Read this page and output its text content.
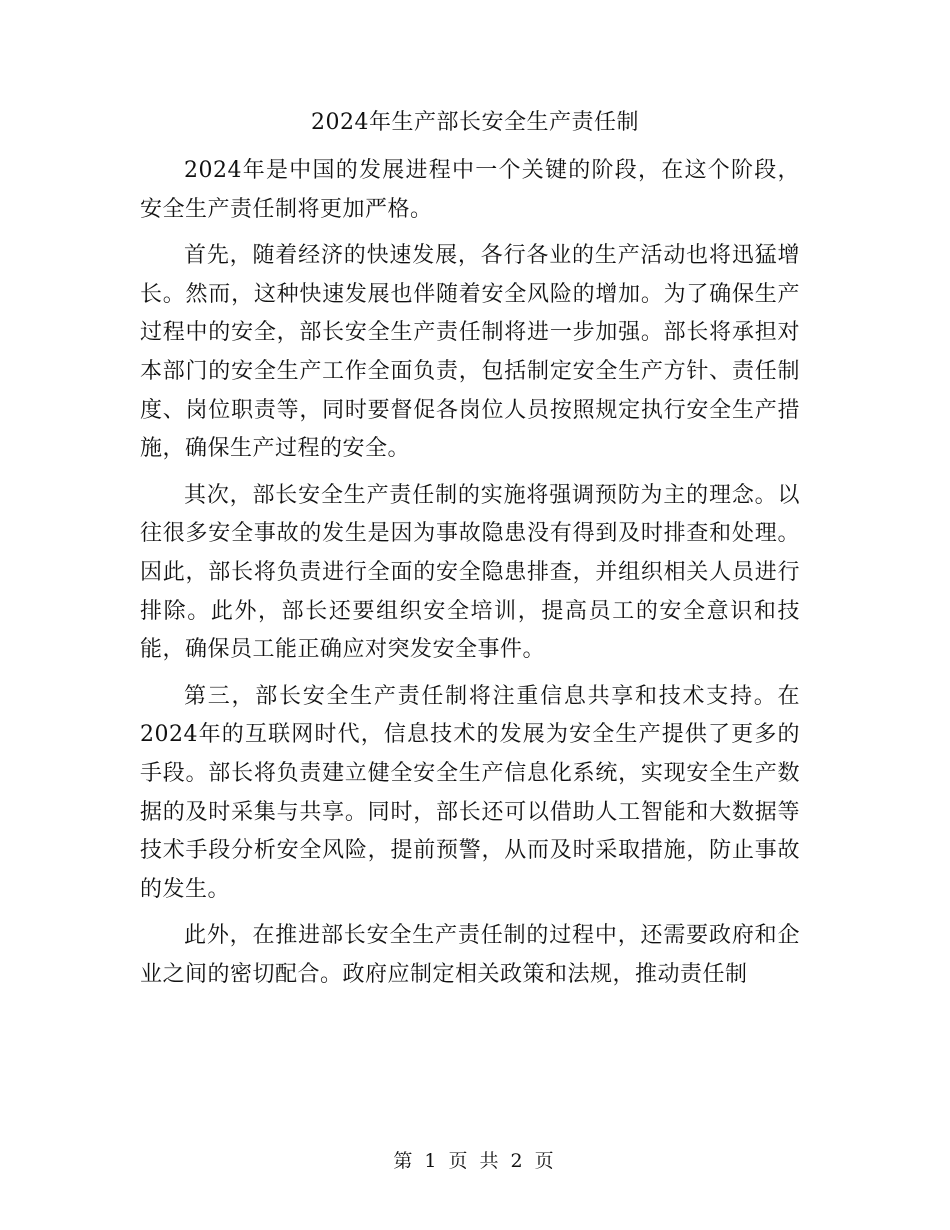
2024年生产部长安全生产责任制

2024年是中国的发展进程中一个关键的阶段，在这个阶段，安全生产责任制将更加严格。

首先，随着经济的快速发展，各行各业的生产活动也将迅猛增长。然而，这种快速发展也伴随着安全风险的增加。为了确保生产过程中的安全，部长安全生产责任制将进一步加强。部长将承担对本部门的安全生产工作全面负责，包括制定安全生产方针、责任制度、岗位职责等，同时要督促各岗位人员按照规定执行安全生产措施，确保生产过程的安全。

其次，部长安全生产责任制的实施将强调预防为主的理念。以往很多安全事故的发生是因为事故隐患没有得到及时排查和处理。因此，部长将负责进行全面的安全隐患排查，并组织相关人员进行排除。此外，部长还要组织安全培训，提高员工的安全意识和技能，确保员工能正确应对突发安全事件。

第三，部长安全生产责任制将注重信息共享和技术支持。在2024年的互联网时代，信息技术的发展为安全生产提供了更多的手段。部长将负责建立健全安全生产信息化系统，实现安全生产数据的及时采集与共享。同时，部长还可以借助人工智能和大数据等技术手段分析安全风险，提前预警，从而及时采取措施，防止事故的发生。

此外，在推进部长安全生产责任制的过程中，还需要政府和企业之间的密切配合。政府应制定相关政策和法规，推动责任制

第 1 页 共 2 页
